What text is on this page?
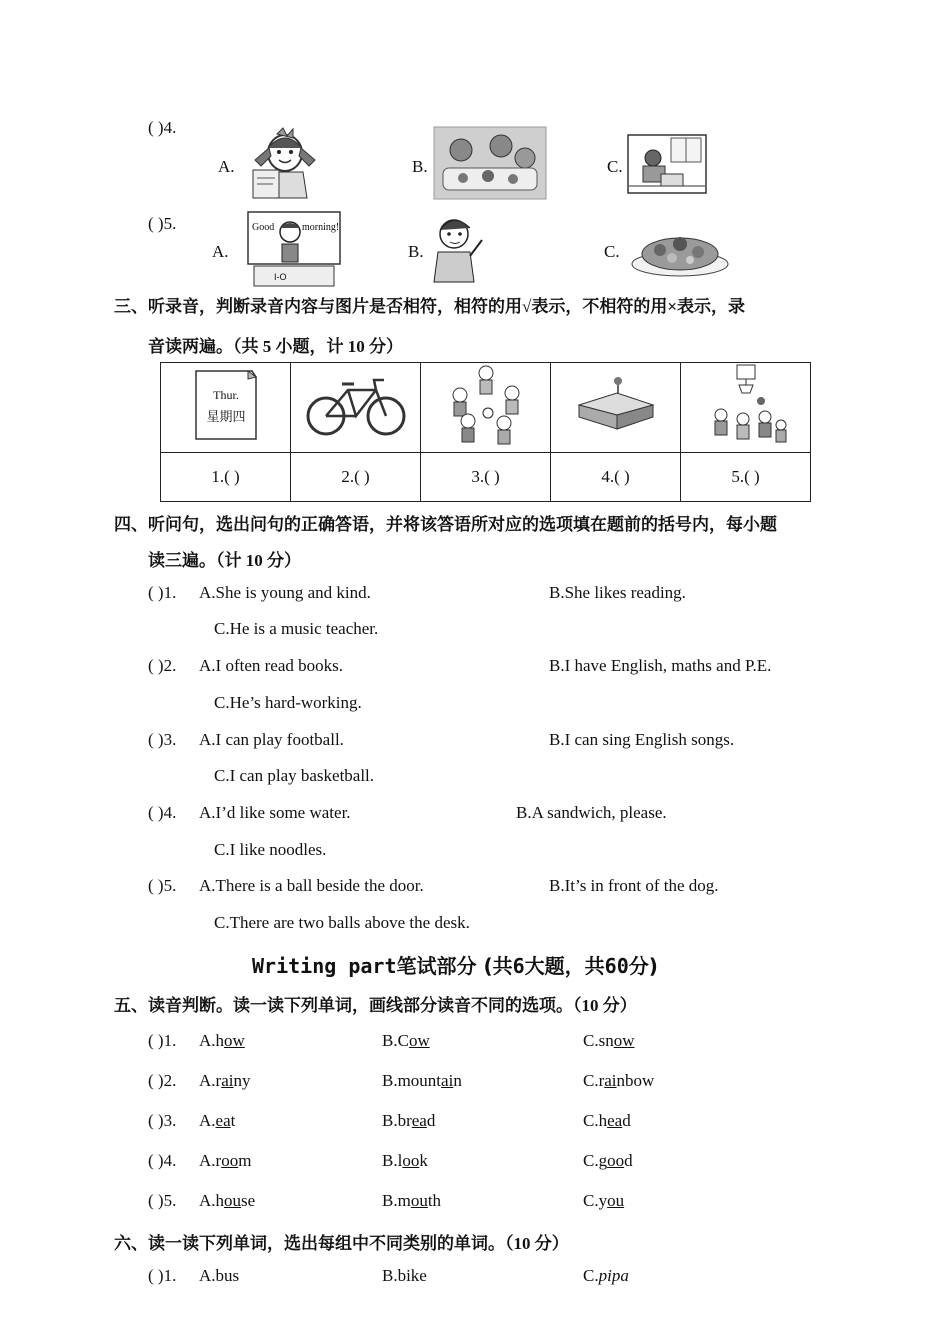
( )4.
A.	B.	C.
( )5.
A.
Good	morning!
I-O
B.	C.
三、听录音，判断录音内容与图片是否相符，相符的用√表示，不相符的用×表示，录
音读两遍。（共 5 小题，计 10 分）
Thur.
星期四

1.( )	2.( )	3.( )	4.( )	5.( )
四、听问句，选出问句的正确答语，并将该答语所对应的选项填在题前的括号内，每小题
读三遍。（计 10 分）
( )1. A.She is young and kind.	B.She likes reading.
C.He is a music teacher.
( )2. A.I often read books.	B.I have English, maths and P.E.
C.He’s hard-working.
( )3. A.I can play football.	B.I can sing English songs.
C.I can play basketball.
( )4. A.I’d like some water.	B.A sandwich, please.
C.I like noodles.
( )5. A.There is a ball beside the door.	B.It’s in front of the dog.
C.There are two balls above the desk.
Writing part笔试部分 (共6大题，共60分)
五、读音判断。读一读下列单词，画线部分读音不同的选项。（10 分）
( )1. A.how	B.Cow	C.snow
( )2. A.rainy	B.mountain	C.rainbow
( )3. A.eat	B.bread	C.head
( )4. A.room	B.look	C.good
( )5. A.house	B.mouth	C.you
六、读一读下列单词，选出每组中不同类别的单词。（10 分）
( )1. A.bus	B.bike	C.pipa
